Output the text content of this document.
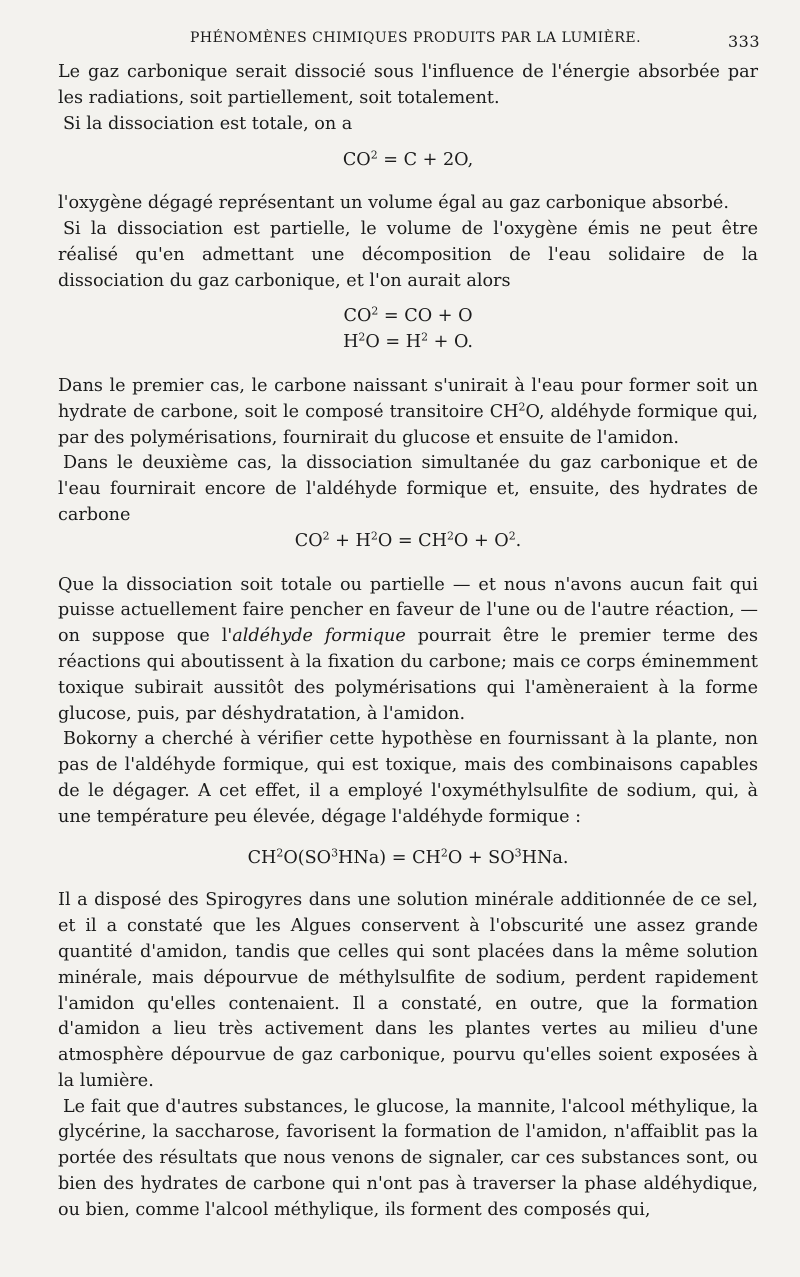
PHÉNOMÈNES CHIMIQUES PRODUITS PAR LA LUMIÈRE.	333

Le gaz carbonique serait dissocié sous l'influence de l'énergie absorbée par les radiations, soit partiellement, soit totalement.

Si la dissociation est totale, on a

$CO^2 = C + 2O$,

l'oxygène dégagé représentant un volume égal au gaz carbonique absorbé.

Si la dissociation est partielle, le volume de l'oxygène émis ne peut être réalisé qu'en admettant une décomposition de l'eau solidaire de la dissociation du gaz carbonique, et l'on aurait alors

$CO^2$ = CO + O

$H^2O = H^2 + O$.

Dans le premier cas, le carbone naissant s'unirait à l'eau pour former soit un hydrate de carbone, soit le composé transitoire $CH^2O$, aldéhyde formique qui, par des polymérisations, fournirait du glucose et ensuite de l'amidon.

Dans le deuxième cas, la dissociation simultanée du gaz carbonique et de l'eau fournirait encore de l'aldéhyde formique et, ensuite, des hydrates de carbone

$CO^2 + H^2O = CH^2O + O^2$.

Que la dissociation soit totale ou partielle — et nous n'avons aucun fait qui puisse actuellement faire pencher en faveur de l'une ou de l'autre réaction, — on suppose que l'aldéhyde formique pourrait être le premier terme des réactions qui aboutissent à la fixation du carbone; mais ce corps éminemment toxique subirait aussitôt des polymérisations qui l'amèneraient à la forme glucose, puis, par déshydratation, à l'amidon.

Bokorny a cherché à vérifier cette hypothèse en fournissant à la plante, non pas de l'aldéhyde formique, qui est toxique, mais des combinaisons capables de le dégager. A cet effet, il a employé l'oxyméthylsulfite de sodium, qui, à une température peu élevée, dégage l'aldéhyde formique :

$CH^2O(SO^3HNa) = CH^2O + SO^3HNa$.

Il a disposé des Spirogyres dans une solution minérale additionnée de ce sel, et il a constaté que les Algues conservent à l'obscurité une assez grande quantité d'amidon, tandis que celles qui sont placées dans la même solution minérale, mais dépourvue de méthylsulfite de sodium, perdent rapidement l'amidon qu'elles contenaient. Il a constaté, en outre, que la formation d'amidon a lieu très activement dans les plantes vertes au milieu d'une atmosphère dépourvue de gaz carbonique, pourvu qu'elles soient exposées à la lumière.

Le fait que d'autres substances, le glucose, la mannite, l'alcool méthylique, la glycérine, la saccharose, favorisent la formation de l'amidon, n'affaiblit pas la portée des résultats que nous venons de signaler, car ces substances sont, ou bien des hydrates de carbone qui n'ont pas à traverser la phase aldéhydique, ou bien, comme l'alcool méthylique, ils forment des composés qui,
